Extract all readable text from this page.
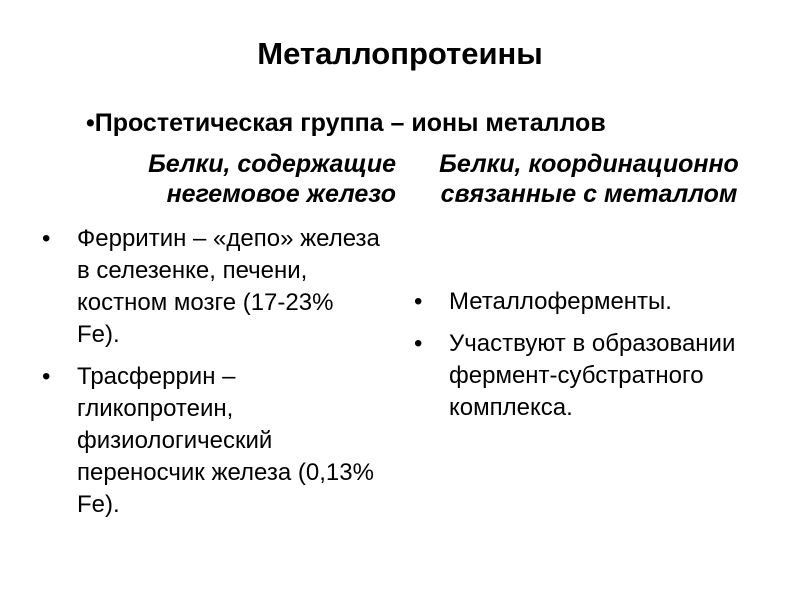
Металлопротеины
•Простетическая группа – ионы металлов
Белки, содержащие негемовое железо
• Ферритин – «депо» железа в селезенке, печени, костном мозге (17-23% Fe).
• Трасферрин – гликопротеин, физиологический переносчик железа (0,13% Fe).
Белки, координационно связанные с металлом
• Металлоферменты.
• Участвуют в образовании фермент-субстратного комплекса.
